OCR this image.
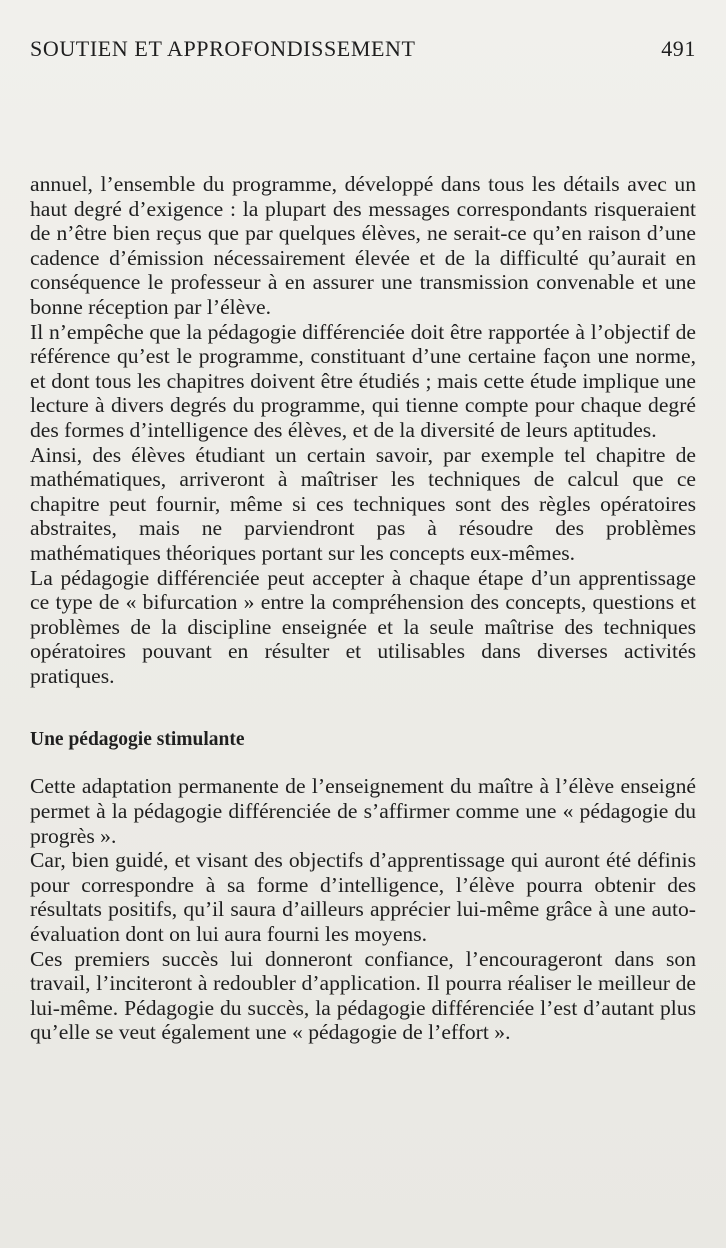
SOUTIEN ET APPROFONDISSEMENT	491

annuel, l’ensemble du programme, développé dans tous les détails avec un haut degré d’exigence : la plupart des messages correspondants risqueraient de n’être bien reçus que par quelques élèves, ne serait-ce qu’en raison d’une cadence d’émission nécessairement élevée et de la difficulté qu’aurait en conséquence le professeur à en assurer une transmission convenable et une bonne réception par l’élève.

Il n’empêche que la pédagogie différenciée doit être rapportée à l’objectif de référence qu’est le programme, constituant d’une certaine façon une norme, et dont tous les chapitres doivent être étudiés ; mais cette étude implique une lecture à divers degrés du programme, qui tienne compte pour chaque degré des formes d’intelligence des élèves, et de la diversité de leurs aptitudes.

Ainsi, des élèves étudiant un certain savoir, par exemple tel chapitre de mathématiques, arriveront à maîtriser les techniques de calcul que ce chapitre peut fournir, même si ces techniques sont des règles opératoires abstraites, mais ne parviendront pas à résoudre des problèmes mathématiques théoriques portant sur les concepts eux-mêmes.

La pédagogie différenciée peut accepter à chaque étape d’un apprentissage ce type de « bifurcation » entre la compréhension des concepts, questions et problèmes de la discipline enseignée et la seule maîtrise des techniques opératoires pouvant en résulter et utilisables dans diverses activités pratiques.

Une pédagogie stimulante

Cette adaptation permanente de l’enseignement du maître à l’élève enseigné permet à la pédagogie différenciée de s’affirmer comme une « pédagogie du progrès ».

Car, bien guidé, et visant des objectifs d’apprentissage qui auront été définis pour correspondre à sa forme d’intelligence, l’élève pourra obtenir des résultats positifs, qu’il saura d’ailleurs apprécier lui-même grâce à une auto-évaluation dont on lui aura fourni les moyens.

Ces premiers succès lui donneront confiance, l’encourageront dans son travail, l’inciteront à redoubler d’application. Il pourra réaliser le meilleur de lui-même. Pédagogie du succès, la pédagogie différenciée l’est d’autant plus qu’elle se veut également une « pédagogie de l’effort ».
